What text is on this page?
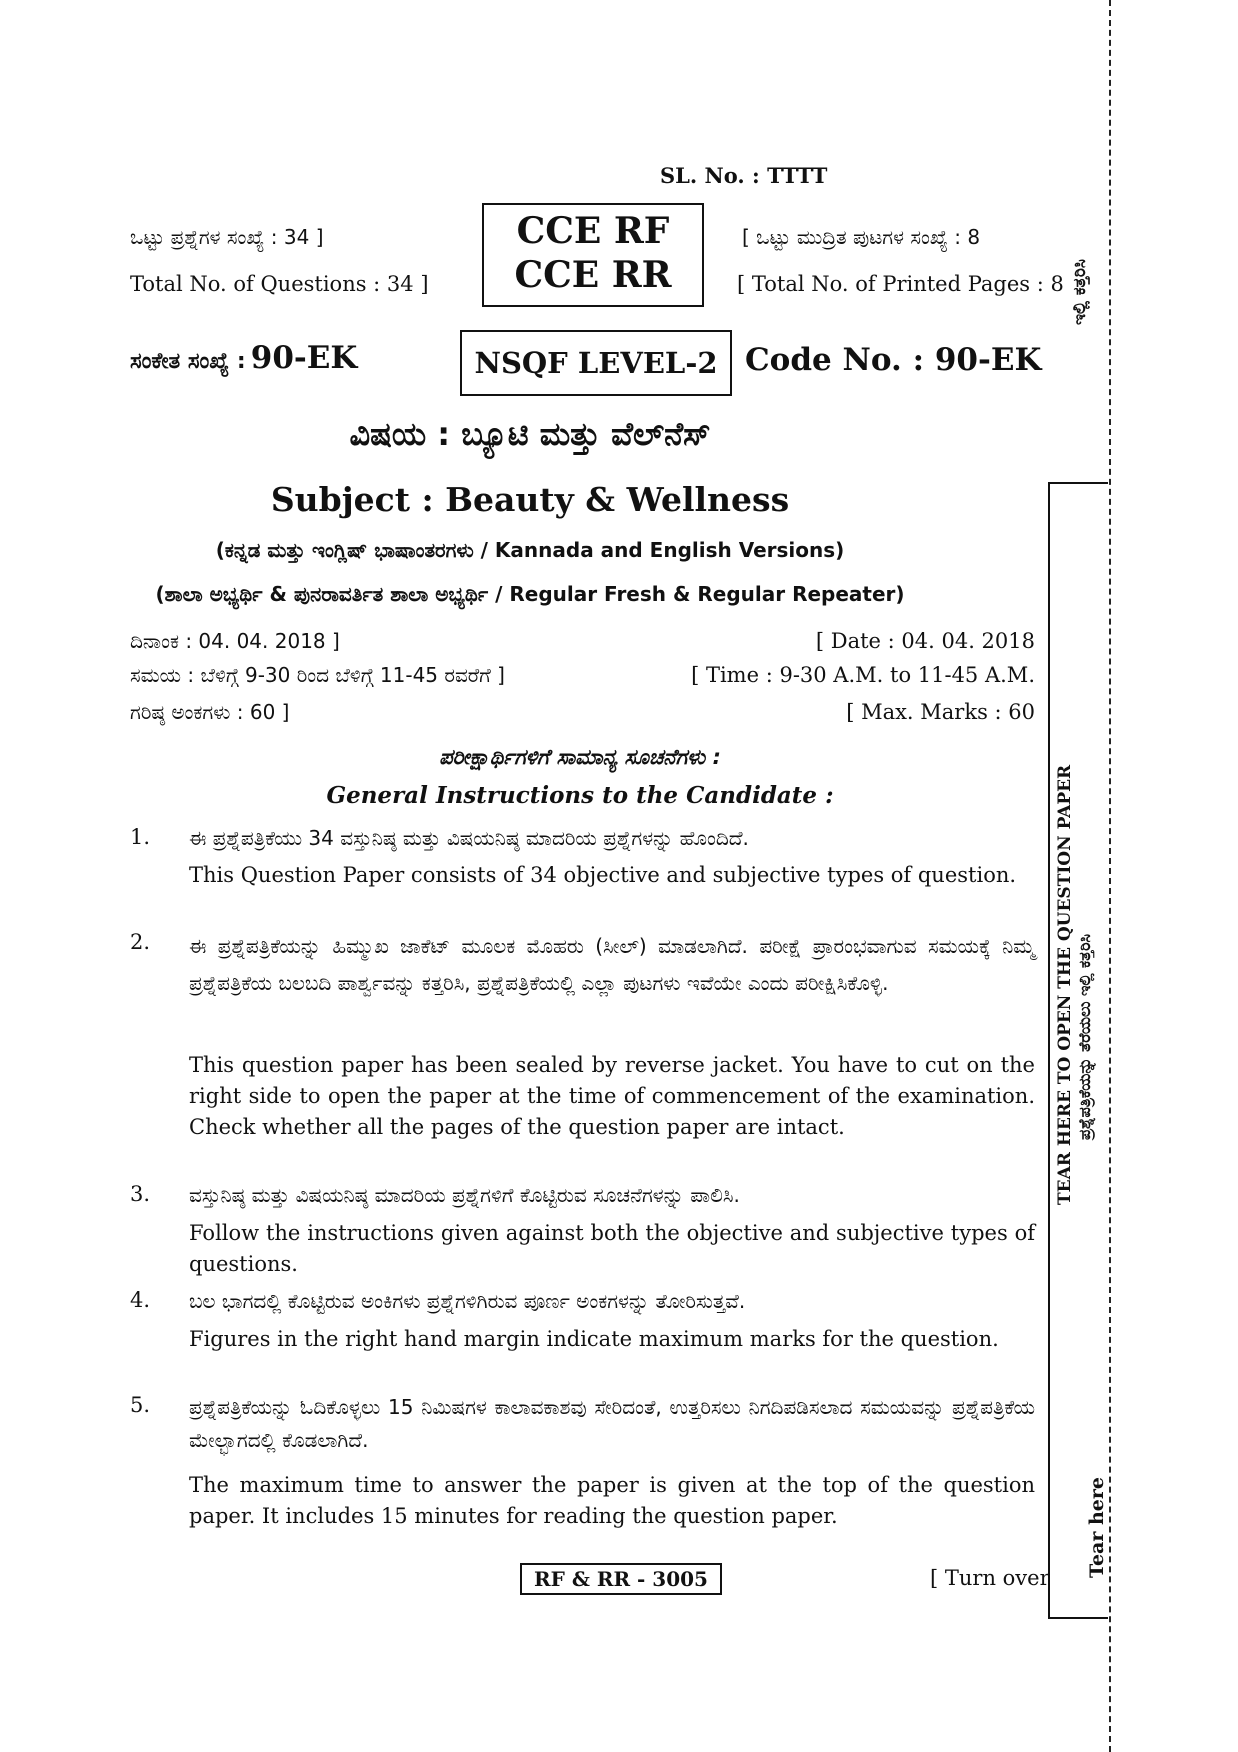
SL. No. : TTTT
ಒಟ್ಟು ಪ್ರಶ್ನೆಗಳ ಸಂಖ್ಯೆ : 34 ]
Total No. of Questions : 34 ]
CCE RF
CCE RR
[ ಒಟ್ಟು ಮುದ್ರಿತ ಪುಟಗಳ ಸಂಖ್ಯೆ : 8
[ Total No. of Printed Pages : 8
ಸಂಕೇತ ಸಂಖ್ಯೆ : 90-EK	NSQF LEVEL-2 Code No. : 90-EK
ವಿಷಯ : ಬ್ಯೂಟಿ ಮತ್ತು ವೆಲ್‌ನೆಸ್
Subject : Beauty & Wellness
(ಕನ್ನಡ ಮತ್ತು ಇಂಗ್ಲಿಷ್ ಭಾಷಾಂತರಗಳು / Kannada and English Versions)
(ಶಾಲಾ ಅಭ್ಯರ್ಥಿ & ಪುನರಾವರ್ತಿತ ಶಾಲಾ ಅಭ್ಯರ್ಥಿ / Regular Fresh & Regular Repeater)
ದಿನಾಂಕ : 04. 04. 2018 ]	[ Date : 04. 04. 2018
ಸಮಯ : ಬೆಳಿಗ್ಗೆ 9-30 ರಿಂದ ಬೆಳಿಗ್ಗೆ 11-45 ರವರೆಗೆ ]	[ Time : 9-30 A.M. to 11-45 A.M.
ಗರಿಷ್ಠ ಅಂಕಗಳು : 60 ]	[ Max. Marks : 60
ಪರೀಕ್ಷಾರ್ಥಿಗಳಿಗೆ ಸಾಮಾನ್ಯ ಸೂಚನೆಗಳು :
General Instructions to the Candidate :
1. ಈ ಪ್ರಶ್ನೆಪತ್ರಿಕೆಯು 34 ವಸ್ತುನಿಷ್ಠ ಮತ್ತು ವಿಷಯನಿಷ್ಠ ಮಾದರಿಯ ಪ್ರಶ್ನೆಗಳನ್ನು ಹೊಂದಿದೆ.
This Question Paper consists of 34 objective and subjective types of question.
2. ಈ ಪ್ರಶ್ನೆಪತ್ರಿಕೆಯನ್ನು ಹಿಮ್ಮುಖ ಜಾಕೆಟ್ ಮೂಲಕ ಮೊಹರು (ಸೀಲ್) ಮಾಡಲಾಗಿದೆ. ಪರೀಕ್ಷೆ ಪ್ರಾರಂಭವಾಗುವ ಸಮಯಕ್ಕೆ ನಿಮ್ಮ ಪ್ರಶ್ನೆಪತ್ರಿಕೆಯ ಬಲಬದಿ ಪಾರ್ಶ್ವವನ್ನು ಕತ್ತರಿಸಿ, ಪ್ರಶ್ನೆಪತ್ರಿಕೆಯಲ್ಲಿ ಎಲ್ಲಾ ಪುಟಗಳು ಇವೆಯೇ ಎಂದು ಪರೀಕ್ಷಿಸಿಕೊಳ್ಳಿ.
This question paper has been sealed by reverse jacket. You have to cut on the right side to open the paper at the time of commencement of the examination. Check whether all the pages of the question paper are intact.
3. ವಸ್ತುನಿಷ್ಠ ಮತ್ತು ವಿಷಯನಿಷ್ಠ ಮಾದರಿಯ ಪ್ರಶ್ನೆಗಳಿಗೆ ಕೊಟ್ಟಿರುವ ಸೂಚನೆಗಳನ್ನು ಪಾಲಿಸಿ.
Follow the instructions given against both the objective and subjective types of questions.
4. ಬಲ ಭಾಗದಲ್ಲಿ ಕೊಟ್ಟಿರುವ ಅಂಕಿಗಳು ಪ್ರಶ್ನೆಗಳಿಗಿರುವ ಪೂರ್ಣ ಅಂಕಗಳನ್ನು ತೋರಿಸುತ್ತವೆ.
Figures in the right hand margin indicate maximum marks for the question.
5. ಪ್ರಶ್ನೆಪತ್ರಿಕೆಯನ್ನು ಓದಿಕೊಳ್ಳಲು 15 ನಿಮಿಷಗಳ ಕಾಲಾವಕಾಶವು ಸೇರಿದಂತೆ, ಉತ್ತರಿಸಲು ನಿಗದಿಪಡಿಸಲಾದ ಸಮಯವನ್ನು ಪ್ರಶ್ನೆಪತ್ರಿಕೆಯ ಮೇಲ್ಭಾಗದಲ್ಲಿ ಕೊಡಲಾಗಿದೆ.
The maximum time to answer the paper is given at the top of the question paper. It includes 15 minutes for reading the question paper.
RF & RR - 3005	[ Turn over
ಇಲ್ಲಿ ಕತ್ತರಿಸಿ
TEAR HERE TO OPEN THE QUESTION PAPER ಪ್ರಶ್ನೆಪತ್ರಿಕೆಯನ್ನು ತೆರೆಯಲು ಇಲ್ಲಿ ಕತ್ತರಿಸಿ
Tear here
